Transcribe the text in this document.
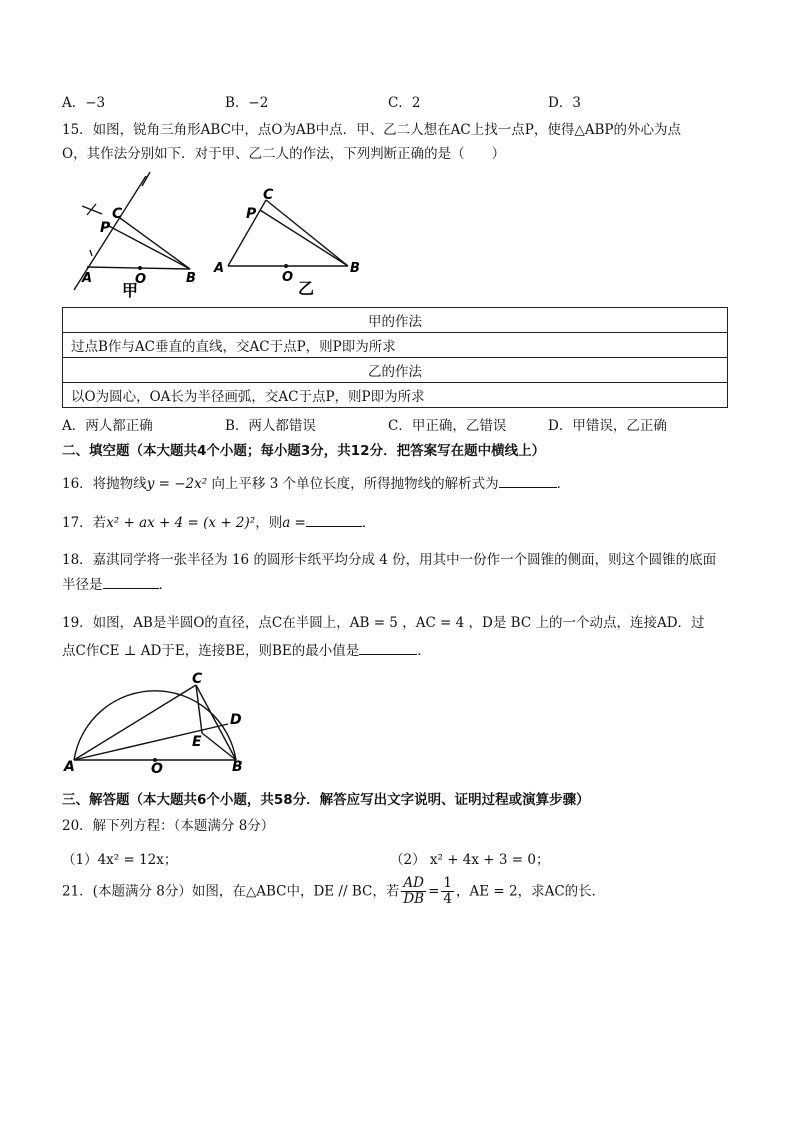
A．−3	B．−2	C．2	D．3
15．如图，锐角三角形ABC中，点O为AB中点．甲、乙二人想在AC上找一点P，使得△ABP的外心为点
O，其作法分别如下．对于甲、乙二人的作法，下列判断正确的是（　　）
C
P
A	O	B
甲
C
P
A
O
B
乙
甲的作法
过点B作与AC垂直的直线，交AC于点P，则P即为所求
乙的作法
以O为圆心，OA长为半径画弧，交AC于点P，则P即为所求
A．两人都正确	B．两人都错误	C．甲正确，乙错误	D．甲错误，乙正确
二、填空题（本大题共4个小题；每小题3分，共12分．把答案写在题中横线上）
16．将抛物线y = −2x² 向上平移 3 个单位长度，所得抛物线的解析式为	．
17．若x² + ax + 4 = (x + 2)²，则a =	．
18．嘉淇同学将一张半径为 16 的圆形卡纸平均分成 4 份，用其中一份作一个圆锥的侧面，则这个圆锥的底面
半径是	．
19．如图，AB是半圆O的直径，点C在半圆上，AB = 5 ，AC = 4 ，D是 BC 上的一个动点，连接AD．过
点C作CE ⊥ AD于E，连接BE，则BE的最小值是	．
C
D
E
A	O	B
三、解答题（本大题共6个小题，共58分．解答应写出文字说明、证明过程或演算步骤）
20．解下列方程：（本题满分 8分）
（1）4x² = 12x；	（2） x² + 4x + 3 = 0；
21．(本题满分 8分）如图，在△ABC中，DE // BC，若 $\frac{AD}{DB} = \frac{1}{4}$ ，AE = 2，求AC的长．
